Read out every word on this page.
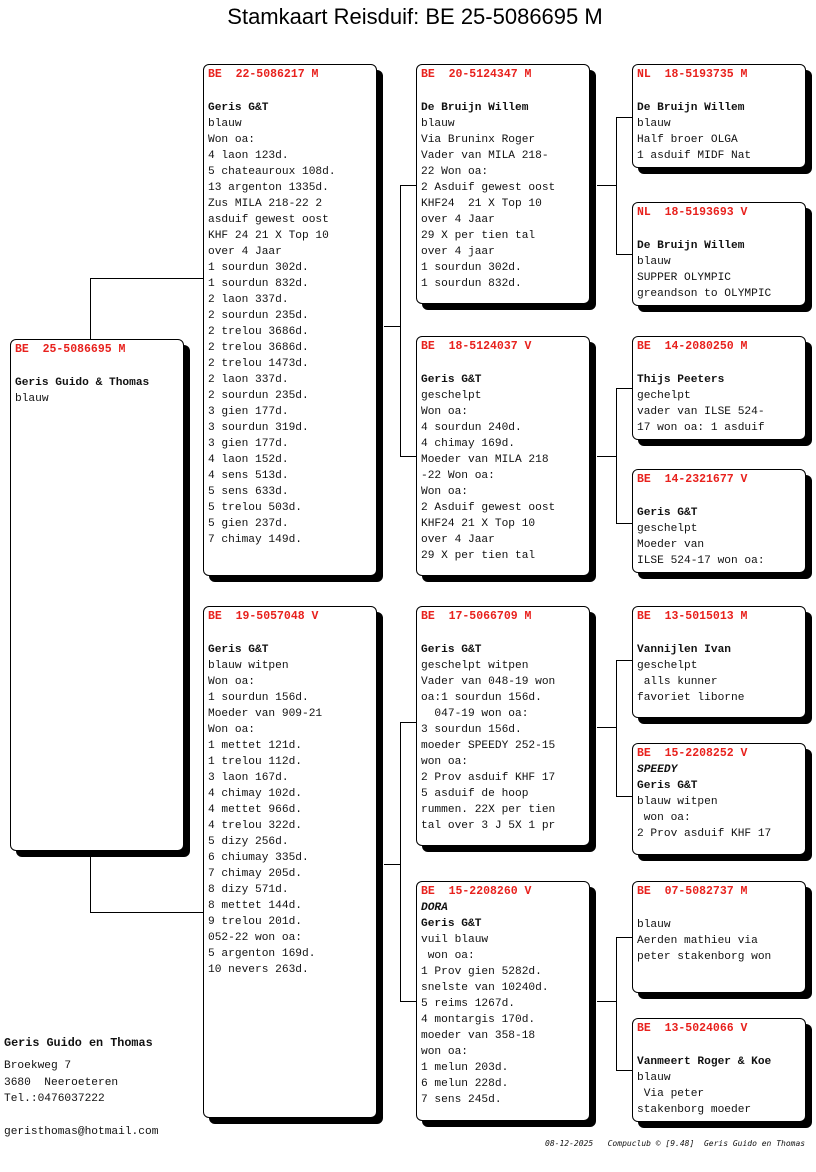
Stamkaart Reisduif: BE 25-5086695 M
BE  25-5086695 M
Geris Guido & Thomas
blauw
BE  22-5086217 M
Geris G&T
blauw
Won oa:
4 laon 123d.
5 chateauroux 108d.
13 argenton 1335d.
Zus MILA 218-22 2
asduif gewest oost
KHF 24 21 X Top 10
over 4 Jaar
1 sourdun 302d.
1 sourdun 832d.
2 laon 337d.
2 sourdun 235d.
2 trelou 3686d.
2 trelou 3686d.
2 trelou 1473d.
2 laon 337d.
2 sourdun 235d.
3 gien 177d.
3 sourdun 319d.
3 gien 177d.
4 laon 152d.
4 sens 513d.
5 sens 633d.
5 trelou 503d.
5 gien 237d.
7 chimay 149d.
BE  19-5057048 V
Geris G&T
blauw witpen
Won oa:
1 sourdun 156d.
Moeder van 909-21
Won oa:
1 mettet 121d.
1 trelou 112d.
3 laon 167d.
4 chimay 102d.
4 mettet 966d.
4 trelou 322d.
5 dizy 256d.
6 chiumay 335d.
7 chimay 205d.
8 dizy 571d.
8 mettet 144d.
9 trelou 201d.
052-22 won oa:
5 argenton 169d.
10 nevers 263d.
BE  20-5124347 M
De Bruijn Willem
blauw
Via Bruninx Roger
Vader van MILA 218-
22 Won oa:
2 Asduif gewest oost
KHF24  21 X Top 10
over 4 Jaar
29 X per tien tal
over 4 jaar
1 sourdun 302d.
1 sourdun 832d.
BE  18-5124037 V
Geris G&T
geschelpt
Won oa:
4 sourdun 240d.
4 chimay 169d.
Moeder van MILA 218
-22 Won oa:
Won oa:
2 Asduif gewest oost
KHF24 21 X Top 10
over 4 Jaar
29 X per tien tal
BE  17-5066709 M
Geris G&T
geschelpt witpen
Vader van 048-19 won
oa:1 sourdun 156d.
047-19 won oa:
3 sourdun 156d.
moeder SPEEDY 252-15
won oa:
2 Prov asduif KHF 17
5 asduif de hoop
rummen. 22X per tien
tal over 3 J 5X 1 pr
BE  15-2208260 V
DORA
Geris G&T
vuil blauw
won oa:
1 Prov gien 5282d.
snelste van 10240d.
5 reims 1267d.
4 montargis 170d.
moeder van 358-18
won oa:
1 melun 203d.
6 melun 228d.
7 sens 245d.
NL  18-5193735 M
De Bruijn Willem
blauw
Half broer OLGA
1 asduif MIDF Nat
NL  18-5193693 V
De Bruijn Willem
blauw
SUPPER OLYMPIC
greandson to OLYMPIC
BE  14-2080250 M
Thijs Peeters
gechelpt
vader van ILSE 524-
17 won oa: 1 asduif
BE  14-2321677 V
Geris G&T
geschelpt
Moeder van
ILSE 524-17 won oa:
BE  13-5015013 M
Vannijlen Ivan
geschelpt
alls kunner
favoriet liborne
BE  15-2208252 V
SPEEDY
Geris G&T
blauw witpen
won oa:
2 Prov asduif KHF 17
BE  07-5082737 M
blauw
Aerden mathieu via
peter stakenborg won
BE  13-5024066 V
Vanmeert Roger & Koe
blauw
Via peter
stakenborg moeder
Geris Guido en Thomas
Broekweg 7
3680  Neeroeteren
Tel.:0476037222
geristhomas@hotmail.com
08-12-2025   Compuclub © [9.48]  Geris Guido en Thomas
